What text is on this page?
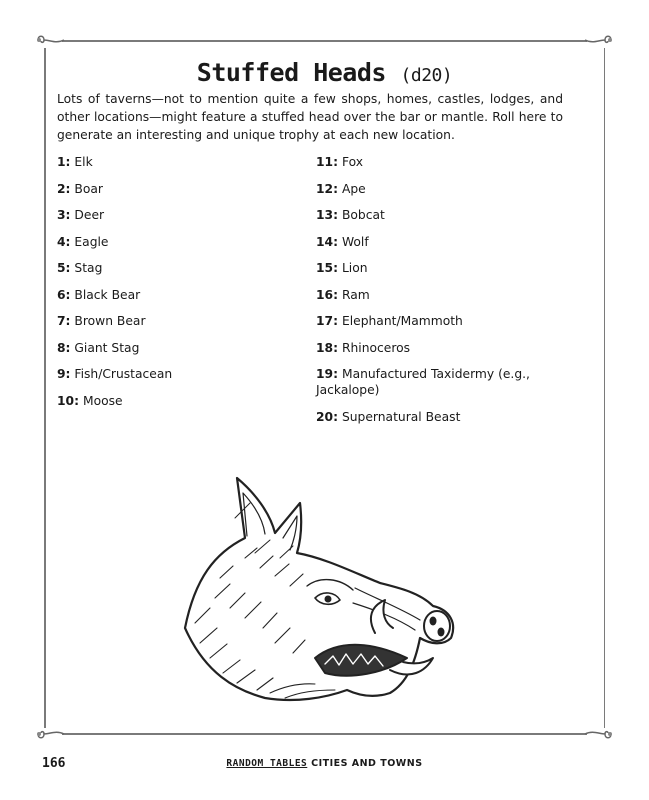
Stuffed Heads (d20)
Lots of taverns—not to mention quite a few shops, homes, castles, lodges, and other locations—might feature a stuffed head over the bar or mantle. Roll here to generate an interesting and unique trophy at each new location.
1: Elk
2: Boar
3: Deer
4: Eagle
5: Stag
6: Black Bear
7: Brown Bear
8: Giant Stag
9: Fish/Crustacean
10: Moose
11: Fox
12: Ape
13: Bobcat
14: Wolf
15: Lion
16: Ram
17: Elephant/Mammoth
18: Rhinoceros
19: Manufactured Taxidermy (e.g., Jackalope)
20: Supernatural Beast
166	RANDOM TABLES CITIES AND TOWNS
